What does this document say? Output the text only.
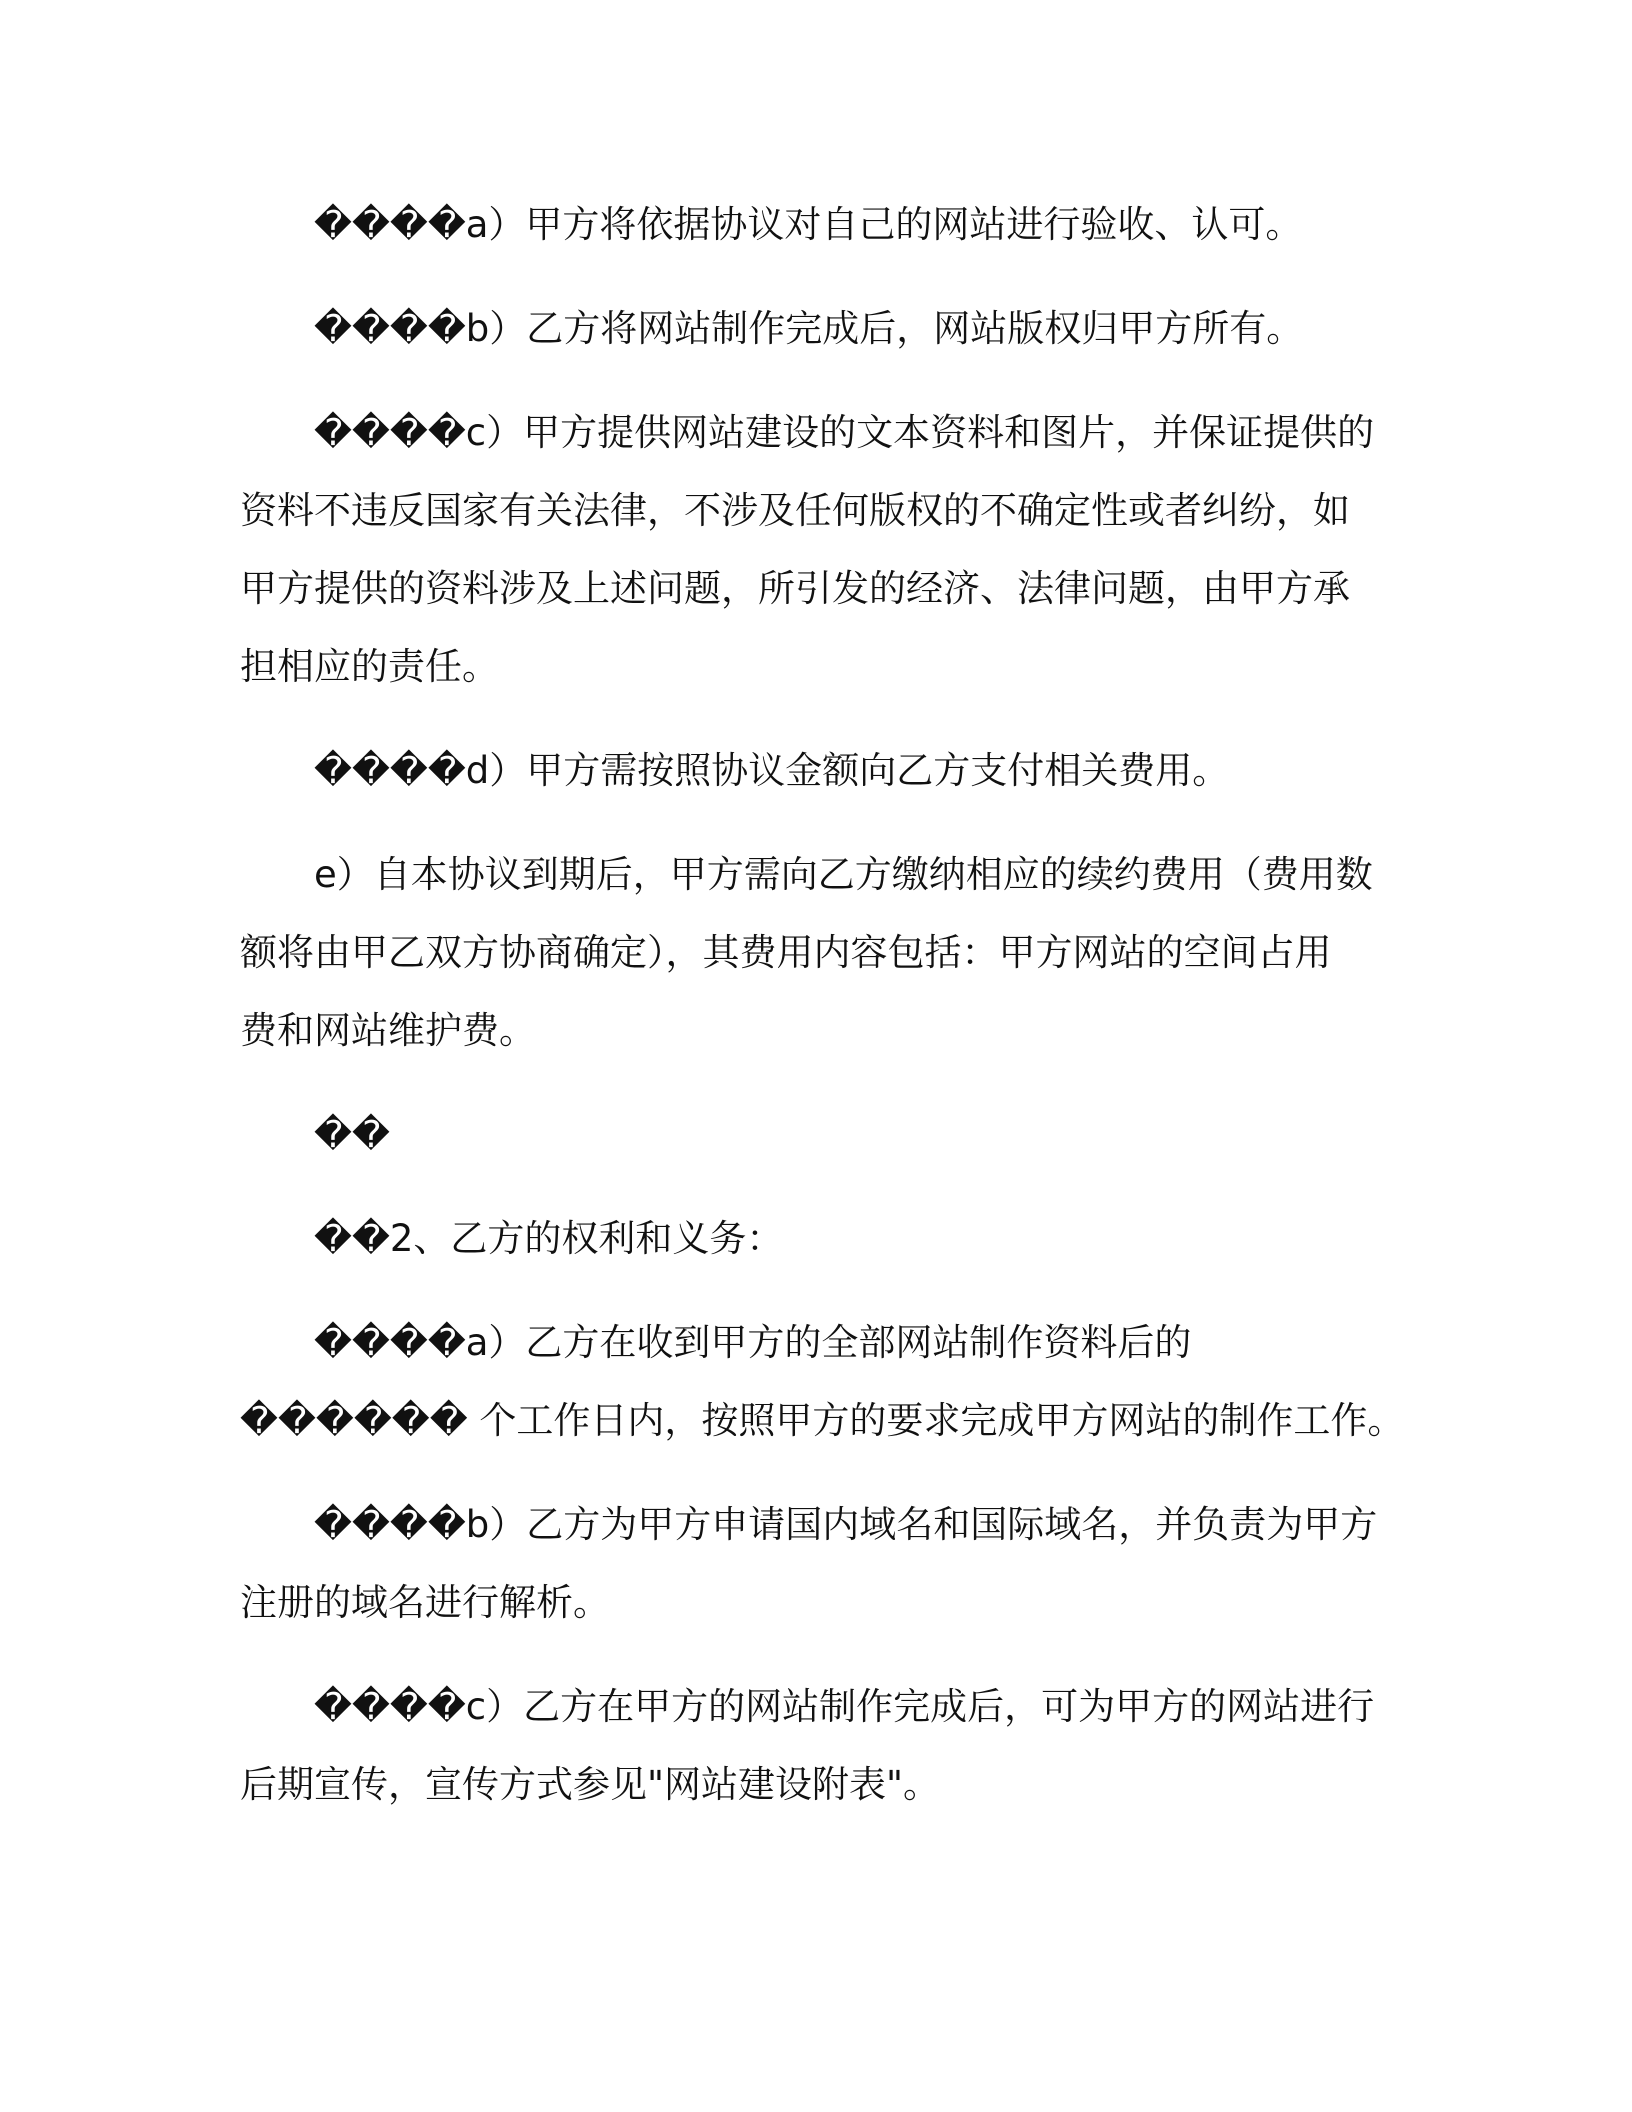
����a）甲方将依据协议对自己的网站进行验收、认可。
����b）乙方将网站制作完成后，网站版权归甲方所有。
����c）甲方提供网站建设的文本资料和图片，并保证提供的
资料不违反国家有关法律，不涉及任何版权的不确定性或者纠纷，如
甲方提供的资料涉及上述问题，所引发的经济、法律问题，由甲方承
担相应的责任。
����d）甲方需按照协议金额向乙方支付相关费用。
e）自本协议到期后，甲方需向乙方缴纳相应的续约费用（费用数
额将由甲乙双方协商确定），其费用内容包括：甲方网站的空间占用
费和网站维护费。
��
��2、乙方的权利和义务：
����a）乙方在收到甲方的全部网站制作资料后的
������ 个工作日内，按照甲方的要求完成甲方网站的制作工作。
����b）乙方为甲方申请国内域名和国际域名，并负责为甲方
注册的域名进行解析。
����c）乙方在甲方的网站制作完成后，可为甲方的网站进行
后期宣传，宣传方式参见"网站建设附表"。
